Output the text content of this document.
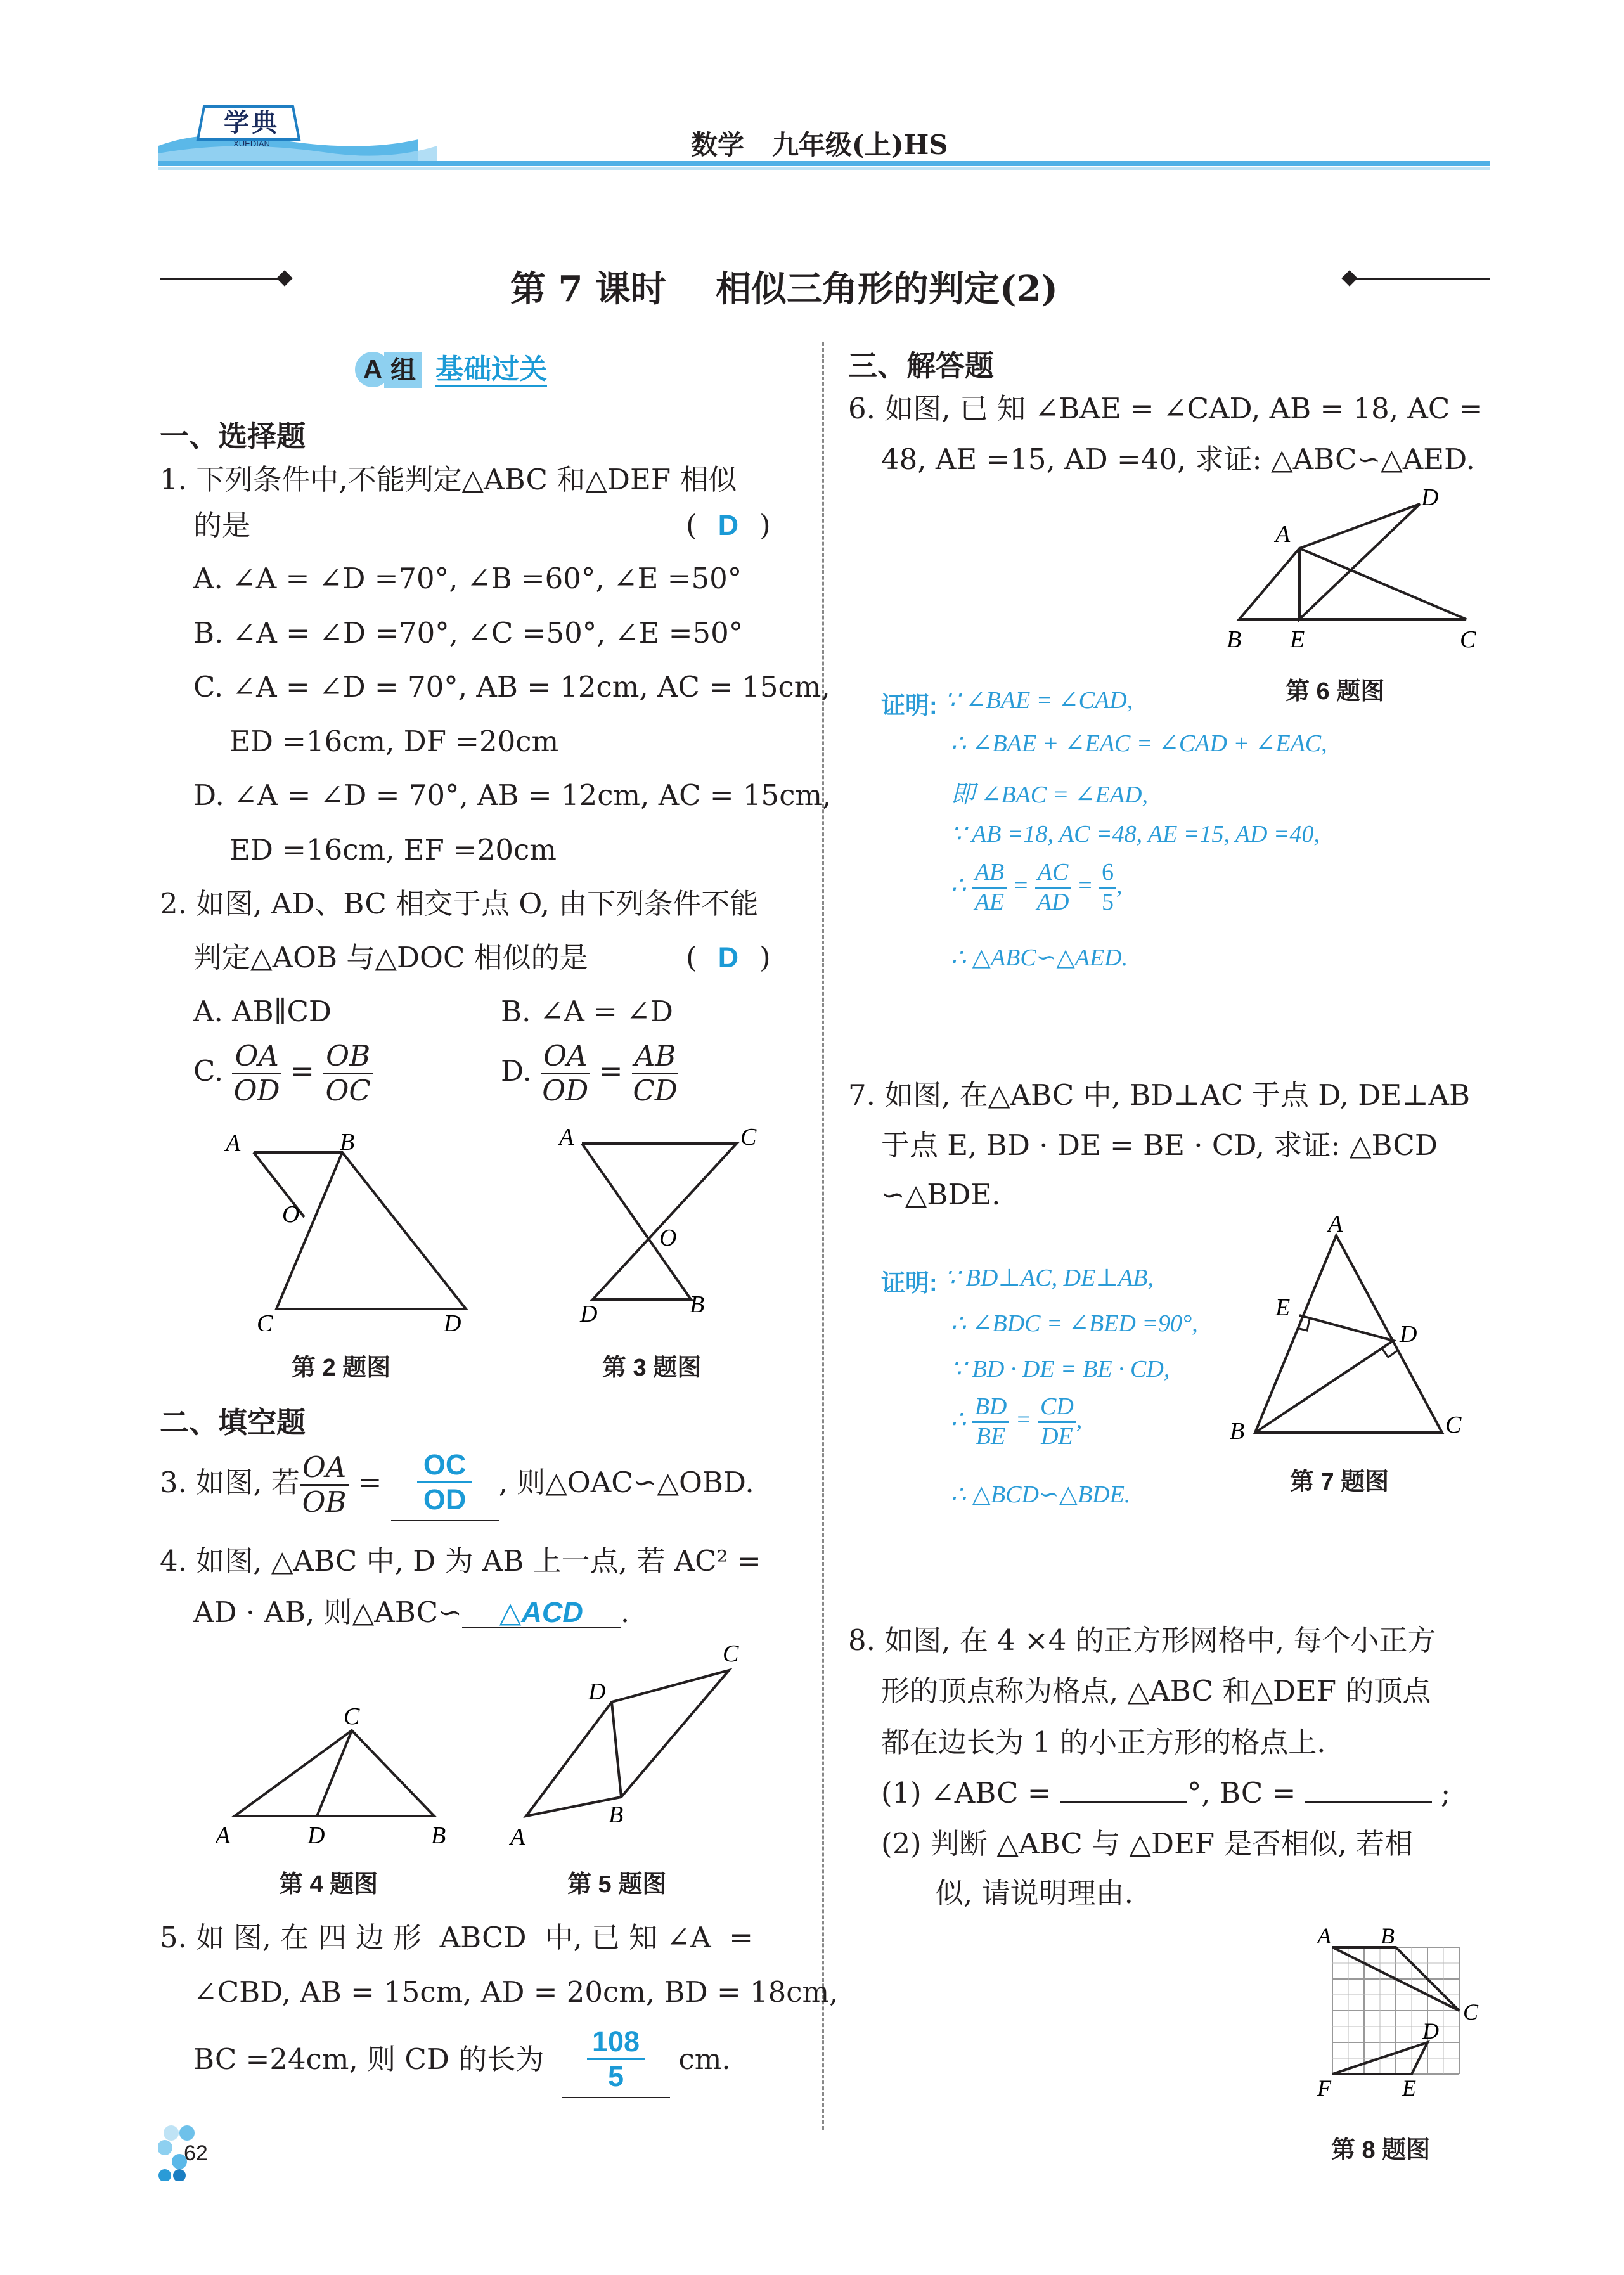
学典
XUEDIAN	数学   九年级(上)HS
第 7 课时    相似三角形的判定(2)
A 组 基础过关
一、选择题
1. 下列条件中,不能判定△ABC 和△DEF 相似
的是	( D )
A. ∠A = ∠D =70°, ∠B =60°, ∠E =50°
B. ∠A = ∠D =70°, ∠C =50°, ∠E =50°
C. ∠A = ∠D = 70°, AB = 12cm, AC = 15cm,
ED =16cm, DF =20cm
D. ∠A = ∠D = 70°, AB = 12cm, AC = 15cm,
ED =16cm, EF =20cm
2. 如图, AD、BC 相交于点 O, 由下列条件不能
判定△AOB 与△DOC 相似的是	( D )
A. AB∥CD	B. ∠A = ∠D
C. $\frac{OA}{OD} = \frac{OB}{OC}$	D. $\frac{OA}{OD} = \frac{AB}{CD}$
A	B
O
C	D
第 2 题图
A	C
O
D	B
第 3 题图
二、填空题
3. 如图, 若 $\frac{OA}{OB} = \frac{OC}{OD}$ , 则△OAC∽△OBD.
4. 如图, △ABC 中, D 为 AB 上一点, 若 AC² =
AD · AB, 则△ABC∽ △ACD .
C
A	D	B
第 4 题图
C
D
B
A
第 5 题图
5. 如 图, 在 四 边 形  ABCD  中, 已 知 ∠A  =
∠CBD, AB = 15cm, AD = 20cm, BD = 18cm,
BC =24cm, 则 CD 的长为 $\frac{108}{5}$ cm.
62
三、解答题
6. 如图, 已 知 ∠BAE = ∠CAD, AB = 18, AC =
48, AE =15, AD =40, 求证: △ABC∽△AED.
A
D
B E	C
第 6 题图
证明: ∵ ∠BAE = ∠CAD,
∴ ∠BAE + ∠EAC = ∠CAD + ∠EAC,
即 ∠BAC = ∠EAD,
∵ AB =18, AC =48, AE =15, AD =40,
∴ $\frac{AB}{AE} = \frac{AC}{AD} = \frac{6}{5}$ ,
∴ △ABC∽△AED.
7. 如图, 在△ABC 中, BD⊥AC 于点 D, DE⊥AB
于点 E, BD · DE = BE · CD, 求证: △BCD
∽△BDE.
A
E
D
B	C
第 7 题图
证明: ∵ BD⊥AC, DE⊥AB,
∴ ∠BDC = ∠BED =90°,
∵ BD · DE = BE · CD,
∴ $\frac{BD}{BE} = \frac{CD}{DE}$ ,
∴ △BCD∽△BDE.
8. 如图, 在 4 ×4 的正方形网格中, 每个小正方
形的顶点称为格点, △ABC 和△DEF 的顶点
都在边长为 1 的小正方形的格点上.
(1) ∠ABC =	°, BC =	;
(2) 判断 △ABC 与 △DEF 是否相似, 若相
似, 请说明理由.
A B
C
D
F	E
第 8 题图
